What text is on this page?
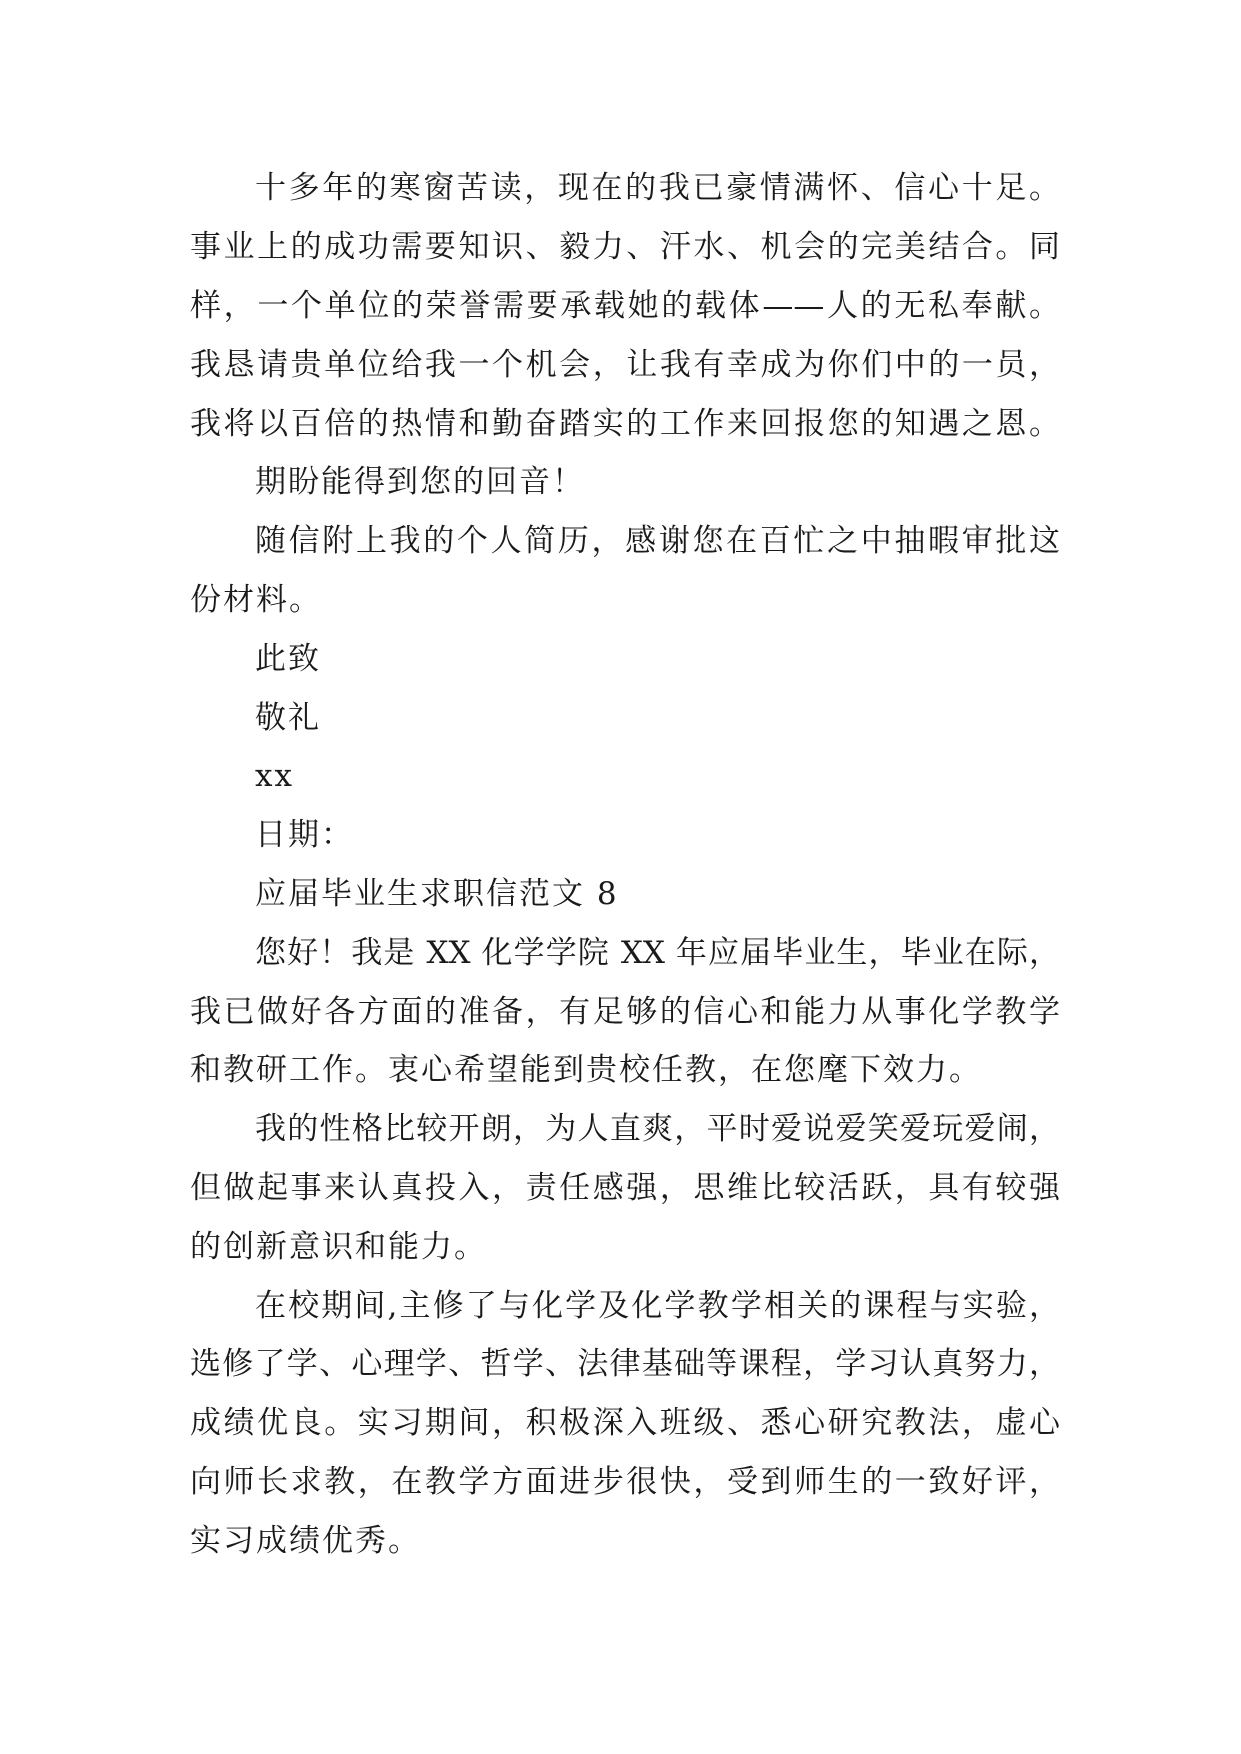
十多年的寒窗苦读，现在的我已豪情满怀、信心十足。
事业上的成功需要知识、毅力、汗水、机会的完美结合。同
样，一个单位的荣誉需要承载她的载体——人的无私奉献。
我恳请贵单位给我一个机会，让我有幸成为你们中的一员，
我将以百倍的热情和勤奋踏实的工作来回报您的知遇之恩。
期盼能得到您的回音！
随信附上我的个人简历，感谢您在百忙之中抽暇审批这
份材料。
此致
敬礼
xx
日期：
应届毕业生求职信范文 8
您好！我是 XX 化学学院 XX 年应届毕业生，毕业在际，
我已做好各方面的准备，有足够的信心和能力从事化学教学
和教研工作。衷心希望能到贵校任教，在您麾下效力。
我的性格比较开朗，为人直爽，平时爱说爱笑爱玩爱闹，
但做起事来认真投入，责任感强，思维比较活跃，具有较强
的创新意识和能力。
在校期间,主修了与化学及化学教学相关的课程与实验，
选修了学、心理学、哲学、法律基础等课程，学习认真努力，
成绩优良。实习期间，积极深入班级、悉心研究教法，虚心
向师长求教，在教学方面进步很快，受到师生的一致好评，
实习成绩优秀。
